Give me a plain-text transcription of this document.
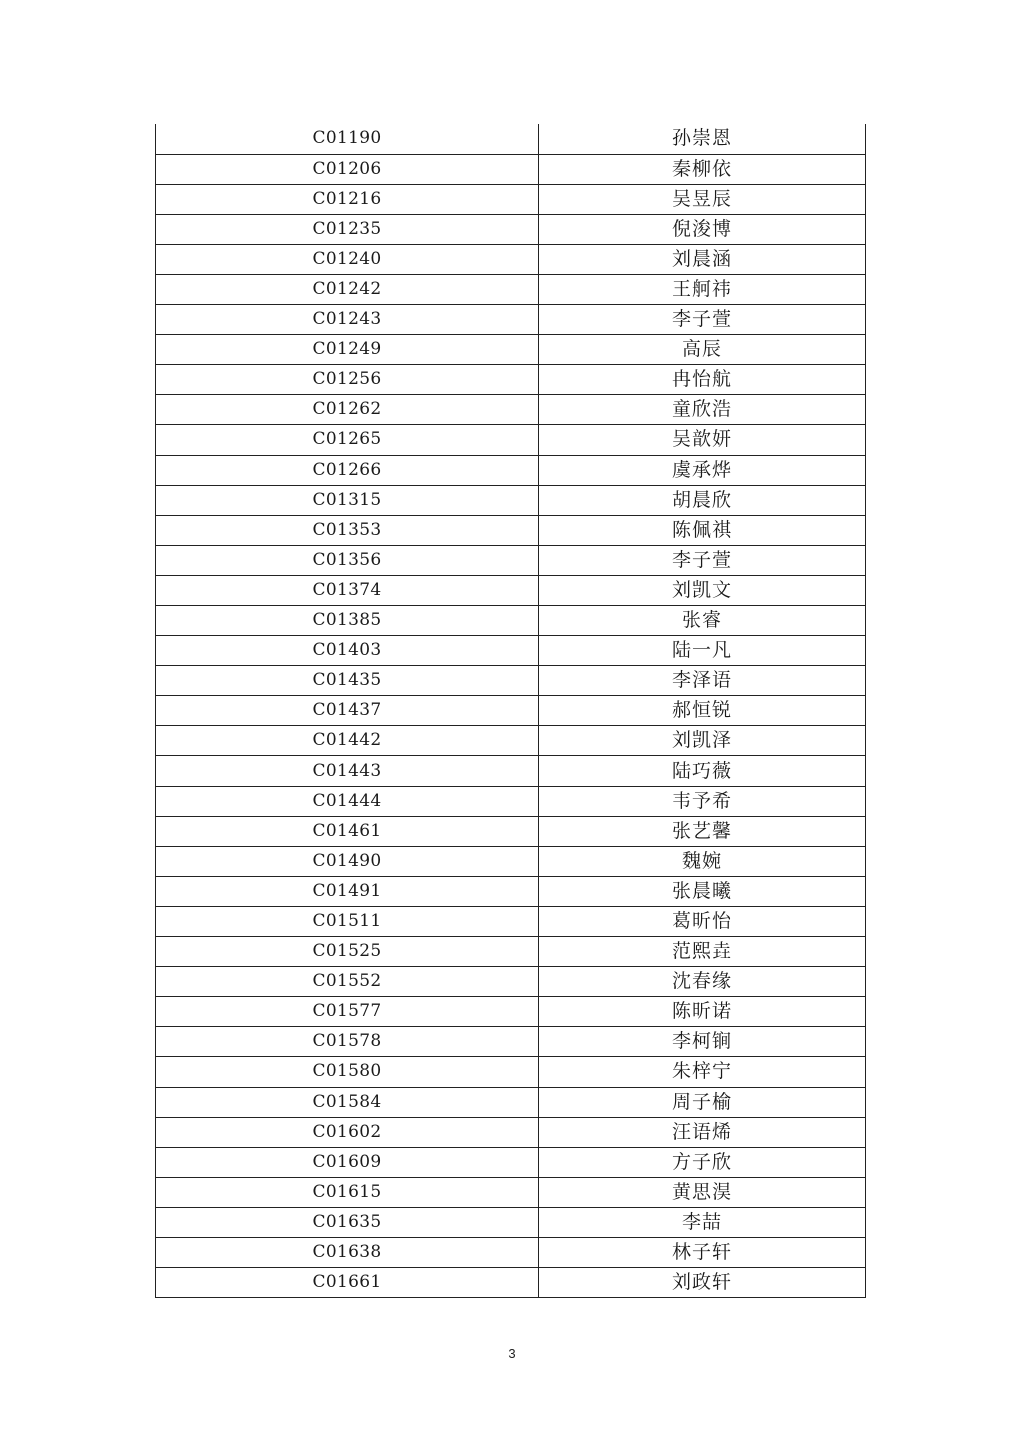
C01190	孙崇恩
C01206	秦柳依
C01216	吴昱辰
C01235	倪浚博
C01240	刘晨涵
C01242	王舸祎
C01243	李子萱
C01249	高辰
C01256	冉怡航
C01262	童欣浩
C01265	吴歆妍
C01266	虞承烨
C01315	胡晨欣
C01353	陈佩祺
C01356	李子萱
C01374	刘凯文
C01385	张睿
C01403	陆一凡
C01435	李泽语
C01437	郝恒锐
C01442	刘凯泽
C01443	陆巧薇
C01444	韦予希
C01461	张艺馨
C01490	魏婉
C01491	张晨曦
C01511	葛昕怡
C01525	范熙垚
C01552	沈春缘
C01577	陈昕诺
C01578	李柯锏
C01580	朱梓宁
C01584	周子榆
C01602	汪语烯
C01609	方子欣
C01615	黄思淏
C01635	李喆
C01638	林子轩
C01661	刘政轩
3
